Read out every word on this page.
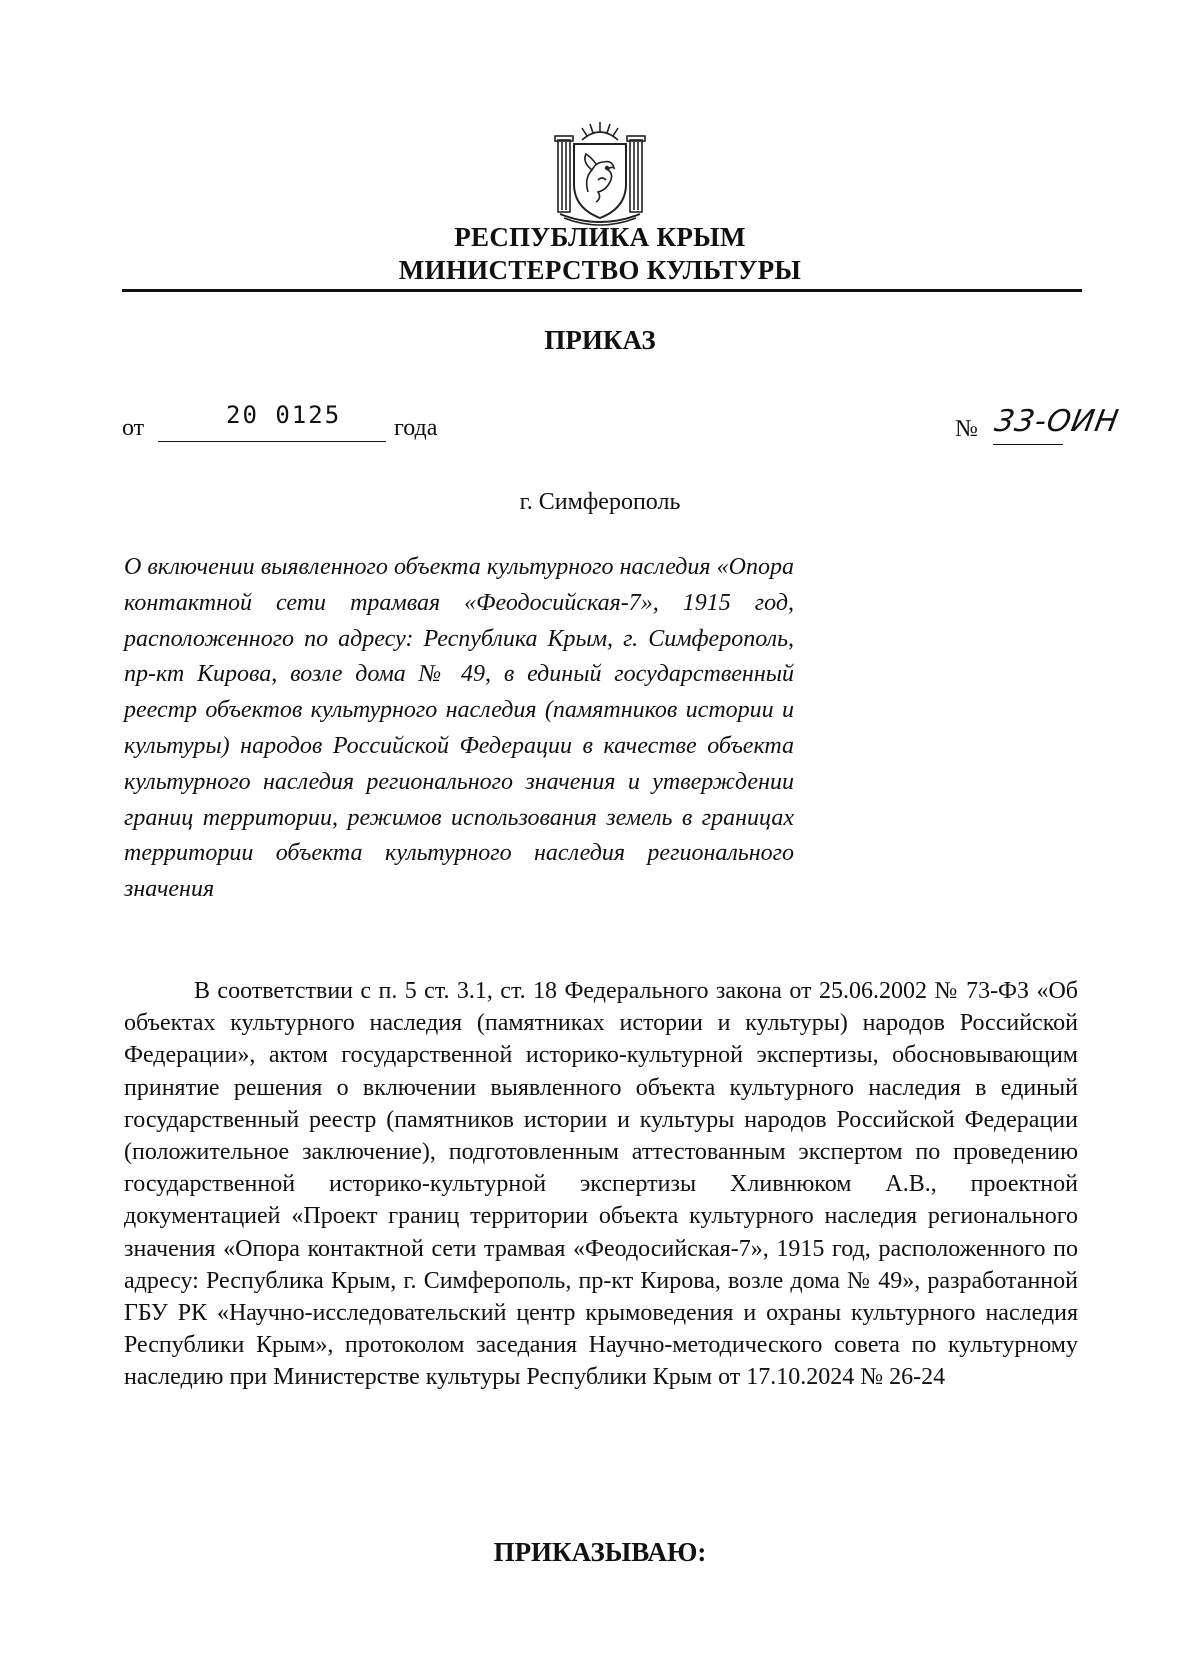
РЕСПУБЛИКА КРЫМ
МИНИСТЕРСТВО КУЛЬТУРЫ
ПРИКАЗ
от	20 0125 года	№ 33-ОИН
г. Симферополь
О включении выявленного объекта культурного наследия «Опора контактной сети трамвая «Феодосийская-7», 1915 год, расположенного по адресу: Республика Крым, г. Симферополь, пр-кт Кирова, возле дома № 49, в единый государственный реестр объектов культурного наследия (памятников истории и культуры) народов Российской Федерации в качестве объекта культурного наследия регионального значения и утверждении границ территории, режимов использования земель в границах территории объекта культурного наследия регионального значения
В соответствии с п. 5 ст. 3.1, ст. 18 Федерального закона от 25.06.2002 № 73-ФЗ «Об объектах культурного наследия (памятниках истории и культуры) народов Российской Федерации», актом государственной историко-культурной экспертизы, обосновывающим принятие решения о включении выявленного объекта культурного наследия в единый государственный реестр (памятников истории и культуры народов Российской Федерации (положительное заключение), подготовленным аттестованным экспертом по проведению государственной историко-культурной экспертизы Хливнюком А.В., проектной документацией «Проект границ территории объекта культурного наследия регионального значения «Опора контактной сети трамвая «Феодосийская-7», 1915 год, расположенного по адресу: Республика Крым, г. Симферополь, пр-кт Кирова, возле дома № 49», разработанной ГБУ РК «Научно-исследовательский центр крымоведения и охраны культурного наследия Республики Крым», протоколом заседания Научно-методического совета по культурному наследию при Министерстве культуры Республики Крым от 17.10.2024 № 26-24
ПРИКАЗЫВАЮ:
